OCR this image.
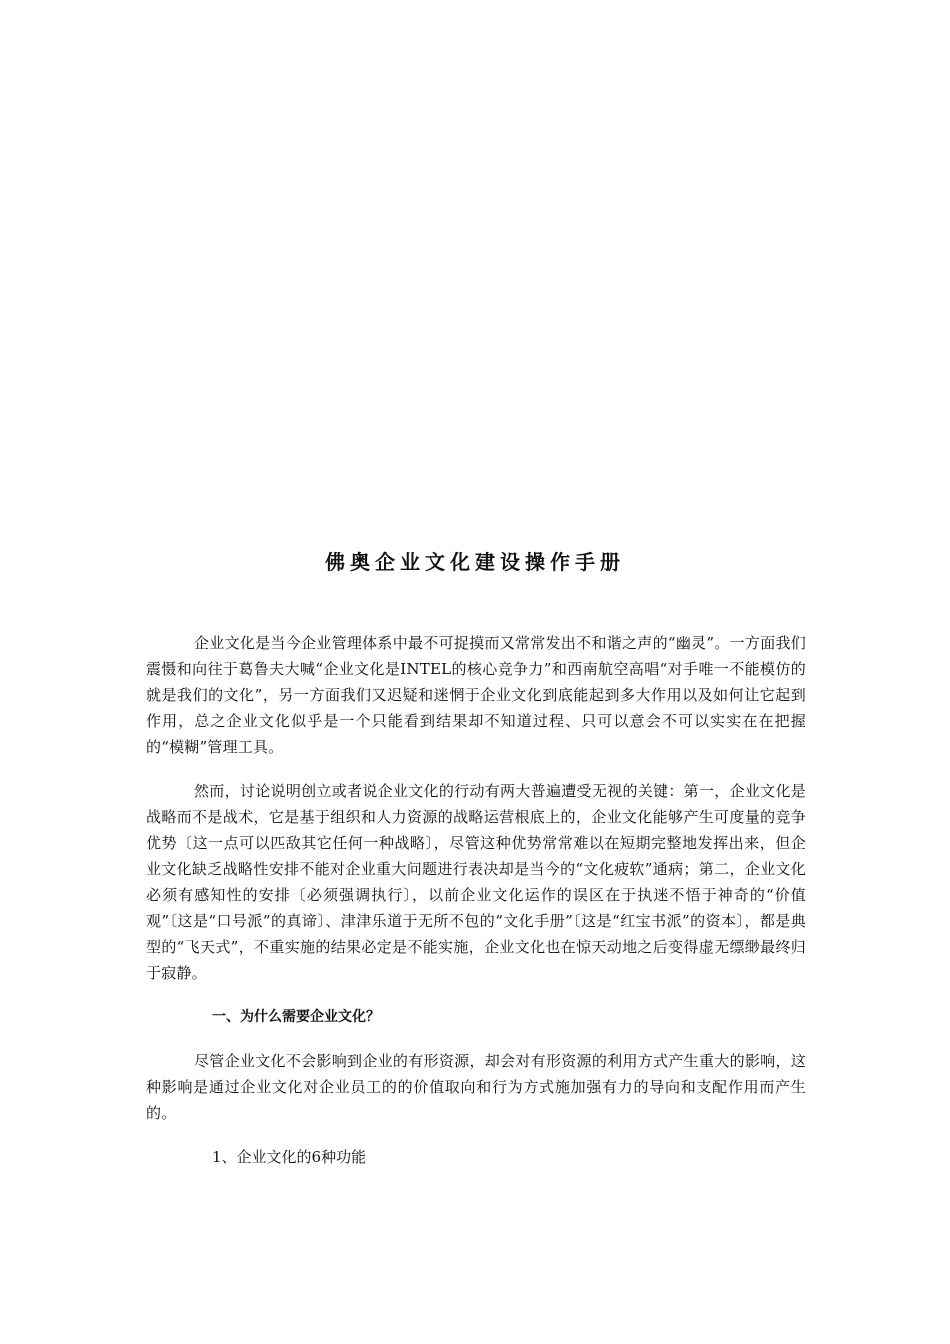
佛奥企业文化建设操作手册

企业文化是当今企业管理体系中最不可捉摸而又常常发出不和谐之声的“幽灵”。一方面我们震慑和向往于葛鲁夫大喊“企业文化是INTEL的核心竞争力”和西南航空高唱“对手唯一不能模仿的就是我们的文化”，另一方面我们又迟疑和迷惘于企业文化到底能起到多大作用以及如何让它起到作用，总之企业文化似乎是一个只能看到结果却不知道过程、只可以意会不可以实实在在把握的“模糊”管理工具。

然而，讨论说明创立或者说企业文化的行动有两大普遍遭受无视的关键：第一，企业文化是战略而不是战术，它是基于组织和人力资源的战略运营根底上的，企业文化能够产生可度量的竞争优势〔这一点可以匹敌其它任何一种战略〕，尽管这种优势常常难以在短期完整地发挥出来，但企业文化缺乏战略性安排不能对企业重大问题进行表决却是当今的“文化疲软”通病；第二，企业文化必须有感知性的安排〔必须强调执行〕，以前企业文化运作的误区在于执迷不悟于神奇的“价值观”〔这是“口号派”的真谛〕、津津乐道于无所不包的“文化手册”〔这是“红宝书派”的资本〕，都是典型的“飞天式”，不重实施的结果必定是不能实施，企业文化也在惊天动地之后变得虚无缥缈最终归于寂静。

一、为什么需要企业文化？

尽管企业文化不会影响到企业的有形资源，却会对有形资源的利用方式产生重大的影响，这种影响是通过企业文化对企业员工的的价值取向和行为方式施加强有力的导向和支配作用而产生的。

1、企业文化的6种功能
